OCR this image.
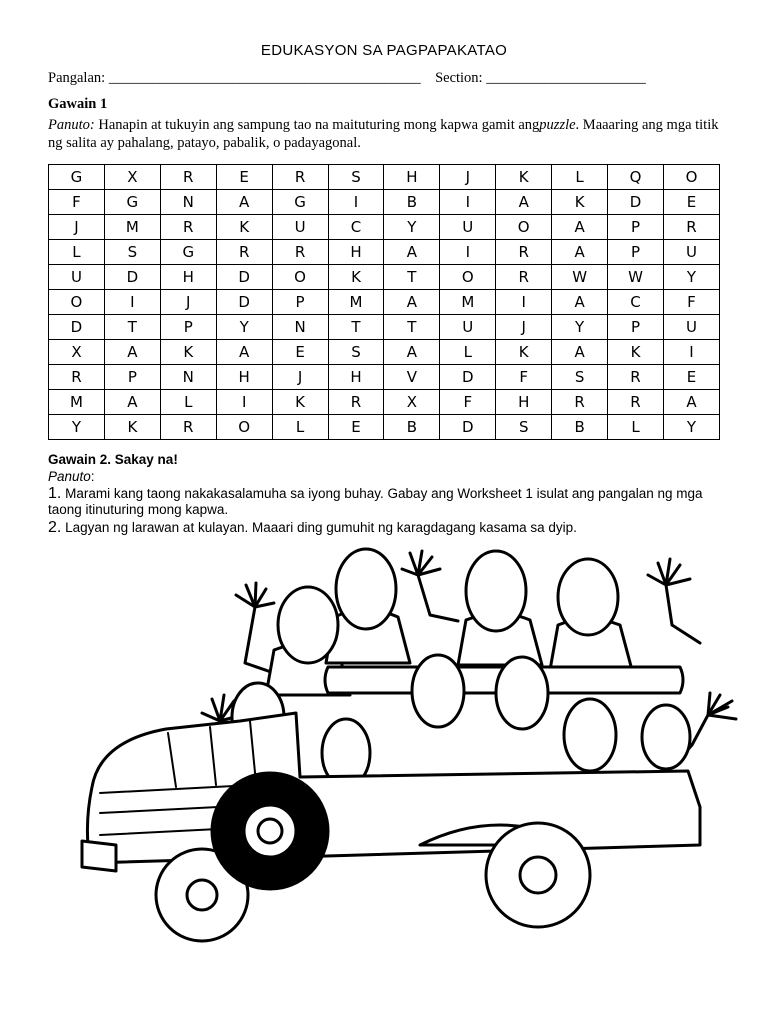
EDUKASYON SA PAGPAPAKATAO
Pangalan: ___________________________________________ Section: ______________________
Gawain 1
Panuto: Hanapin at tukuyin ang sampung tao na maituturing mong kapwa gamit angpuzzle. Maaaring ang mga titik ng salita ay pahalang, patayo, pabalik, o padayagonal.
G	X	R	E	R	S	H	J	K	L	Q	O
F	G	N	A	G	I	B	I	A	K	D	E
J	M	R	K	U	C	Y	U	O	A	P	R
L	S	G	R	R	H	A	I	R	A	P	U
U	D	H	D	O	K	T	O	R	W	W	Y
O	I	J	D	P	M	A	M	I	A	C	F
D	T	P	Y	N	T	T	U	J	Y	P	U
X	A	K	A	E	S	A	L	K	A	K	I
R	P	N	H	J	H	V	D	F	S	R	E
M	A	L	I	K	R	X	F	H	R	R	A
Y	K	R	O	L	E	B	D	S	B	L	Y
Gawain 2. Sakay na!
Panuto:
1. Marami kang taong nakakasalamuha sa iyong buhay. Gabay ang Worksheet 1 isulat ang pangalan ng mga taong itinuturing mong kapwa.
2. Lagyan ng larawan at kulayan. Maaari ding gumuhit ng karagdagang kasama sa dyip.
